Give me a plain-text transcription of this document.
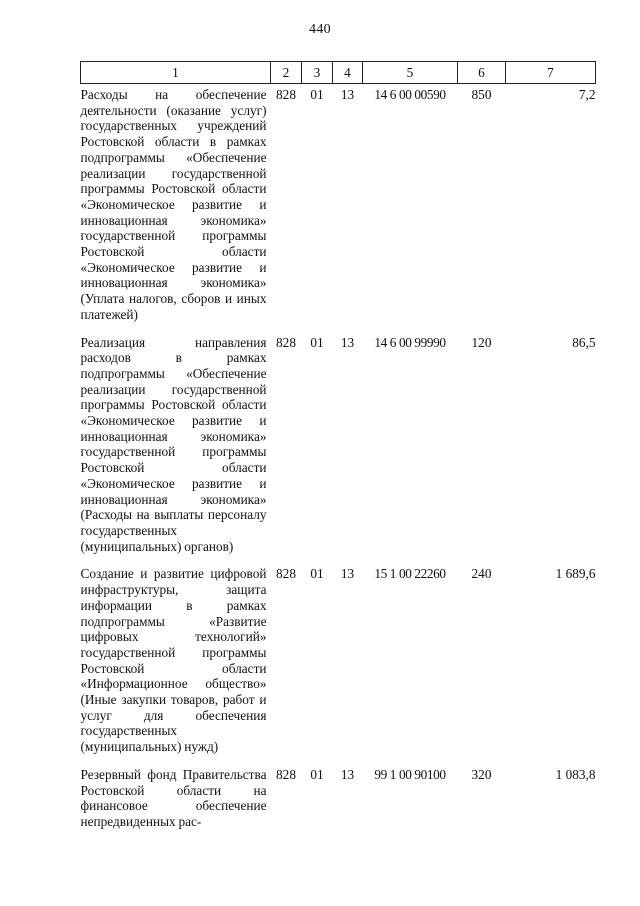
440
1	2	3	4	5	6	7
Расходы на обеспечение деятельности (оказание услуг) государственных учреждений Ростовской области в рамках подпрограммы «Обеспечение реализации государственной программы Ростовской области «Экономическое развитие и инновационная экономика» государственной программы Ростовской области «Экономическое развитие и инновационная экономика» (Уплата налогов, сборов и иных платежей)	828	01	13	14 6 00 00590	850	7,2
Реализация направления расходов в рамках подпрограммы «Обеспечение реализации государственной программы Ростовской области «Экономическое развитие и инновационная экономика» государственной программы Ростовской области «Экономическое развитие и инновационная экономика» (Расходы на выплаты персоналу государственных (муниципальных) органов)	828	01	13	14 6 00 99990	120	86,5
Создание и развитие цифровой инфраструктуры, защита информации в рамках подпрограммы «Развитие цифровых технологий» государственной программы Ростовской области «Информационное общество» (Иные закупки товаров, работ и услуг для обеспечения государственных (муниципальных) нужд)	828	01	13	15 1 00 22260	240	1 689,6
Резервный фонд Правительства Ростовской области на финансовое обеспечение непредвиденных рас-	828	01	13	99 1 00 90100	320	1 083,8
